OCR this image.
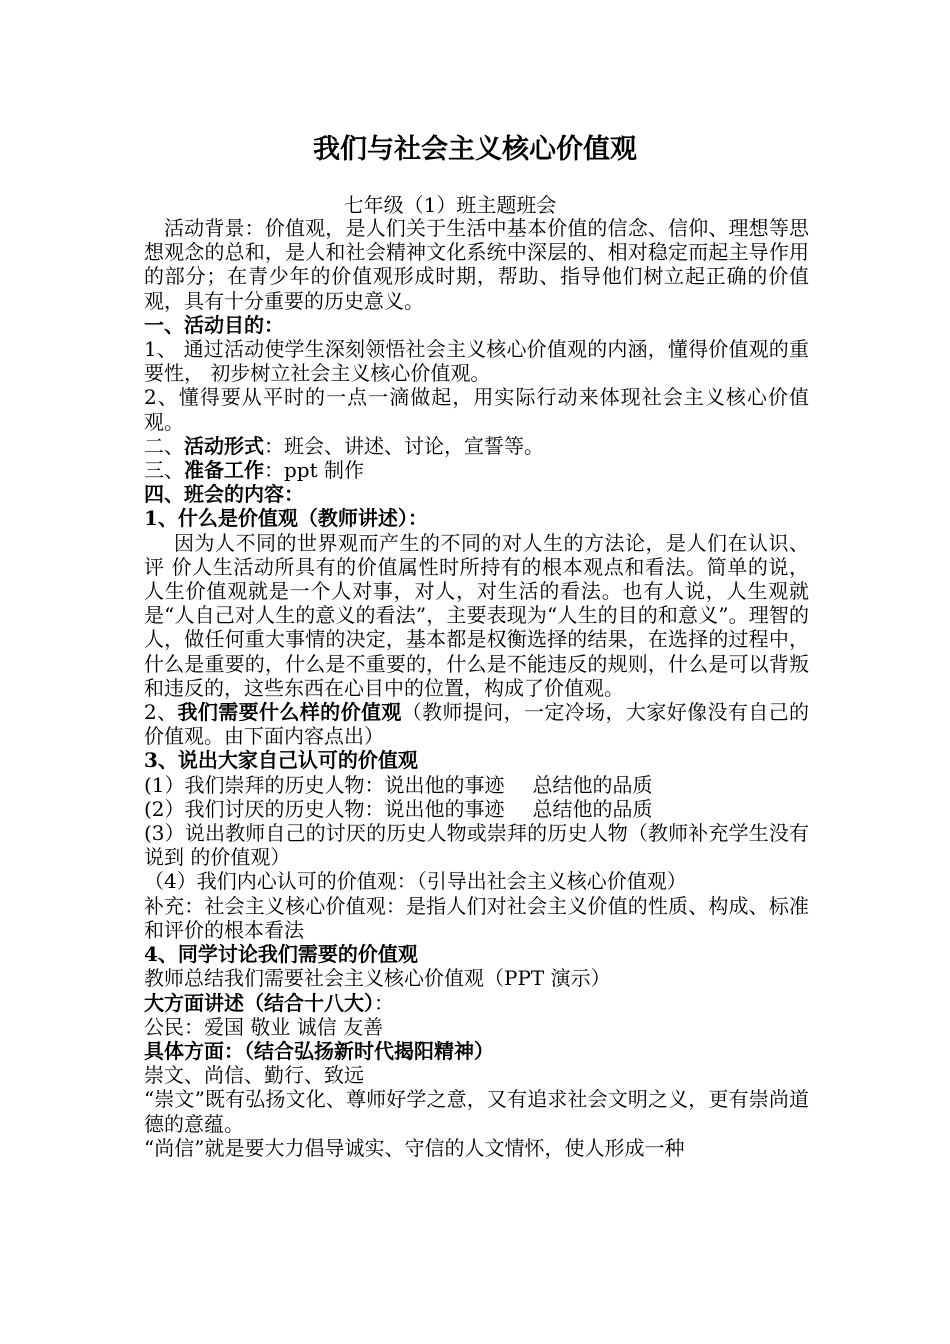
我们与社会主义核心价值观
七年级（1）班主题班会

活动背景：价值观，是人们关于生活中基本价值的信念、信仰、理想等思想观念的总和，是人和社会精神文化系统中深层的、相对稳定而起主导作用的部分；在青少年的价值观形成时期，帮助、指导他们树立起正确的价值观，具有十分重要的历史意义。

一、活动目的：

1、 通过活动使学生深刻领悟社会主义核心价值观的内涵，懂得价值观的重要性， 初步树立社会主义核心价值观。

2、懂得要从平时的一点一滴做起，用实际行动来体现社会主义核心价值观。

二、活动形式：班会、讲述、讨论，宣誓等。

三、准备工作：ppt 制作

四、班会的内容：

1、什么是价值观（教师讲述）：

因为人不同的世界观而产生的不同的对人生的方法论，是人们在认识、评 价人生活动所具有的价值属性时所持有的根本观点和看法。简单的说，人生价值观就是一个人对事，对人，对生活的看法。也有人说，人生观就是“人自己对人生的意义的看法”，主要表现为“人生的目的和意义”。理智的人，做任何重大事情的决定，基本都是权衡选择的结果，在选择的过程中，什么是重要的，什么是不重要的，什么是不能违反的规则，什么是可以背叛和违反的，这些东西在心目中的位置，构成了价值观。

2、我们需要什么样的价值观（教师提问，一定冷场，大家好像没有自己的价值观。由下面内容点出）

3、说出大家自己认可的价值观

(1）我们崇拜的历史人物：说出他的事迹 总结他的品质

(2）我们讨厌的历史人物：说出他的事迹 总结他的品质

(3）说出教师自己的讨厌的历史人物或崇拜的历史人物（教师补充学生没有说到 的价值观）

（4）我们内心认可的价值观：（引导出社会主义核心价值观）

补充：社会主义核心价值观：是指人们对社会主义价值的性质、构成、标准和评价的根本看法

4、同学讨论我们需要的价值观

教师总结我们需要社会主义核心价值观（PPT 演示）

大方面讲述（结合十八大）：

公民：爱国 敬业 诚信 友善

具体方面：（结合弘扬新时代揭阳精神）

崇文、尚信、勤行、致远

“崇文”既有弘扬文化、尊师好学之意，又有追求社会文明之义，更有崇尚道德的意蕴。

“尚信”就是要大力倡导诚实、守信的人文情怀，使人形成一种
